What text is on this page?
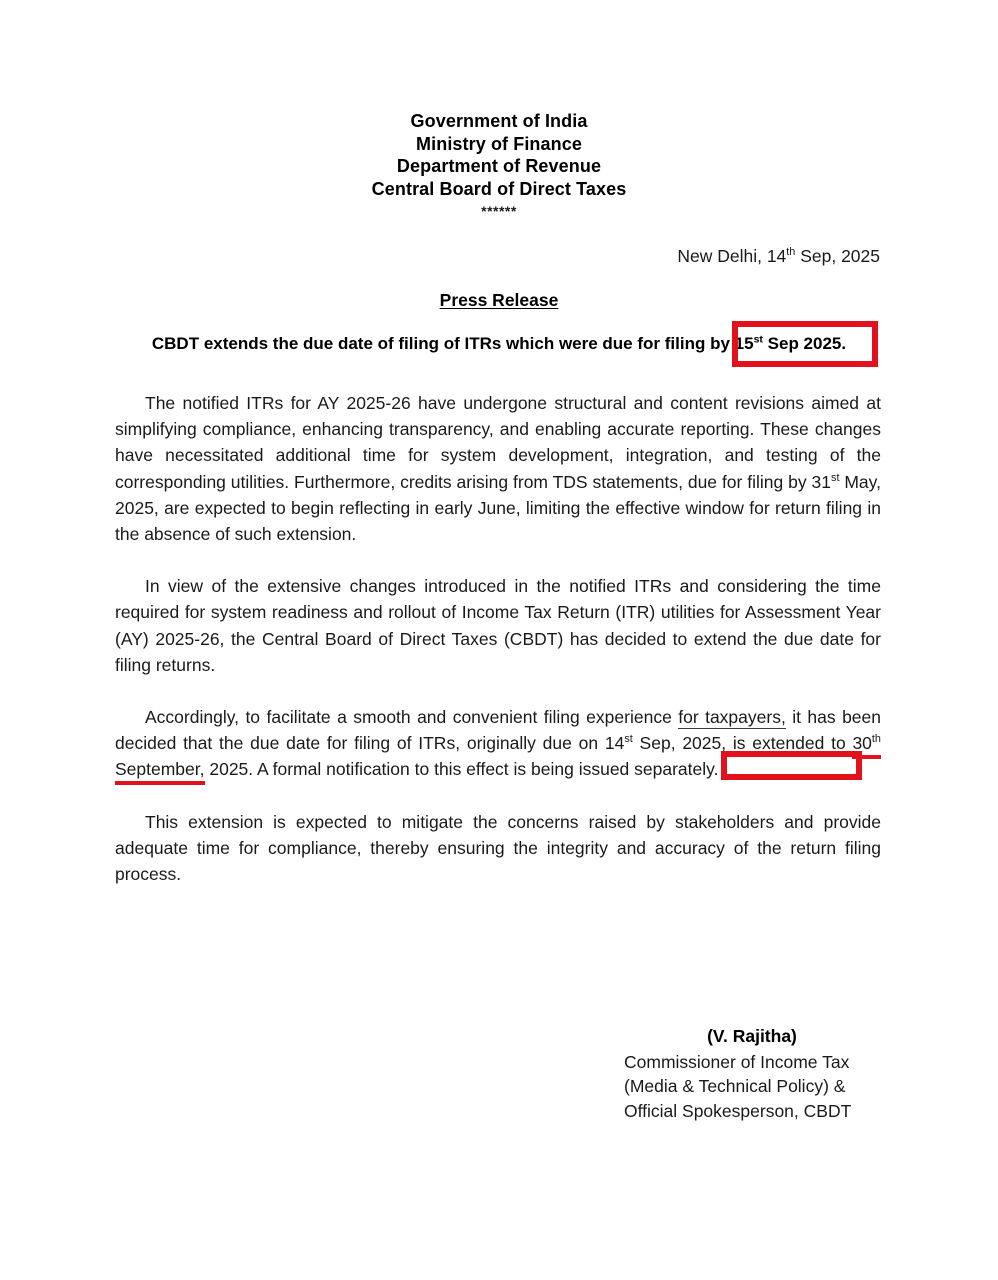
Government of India
Ministry of Finance
Department of Revenue
Central Board of Direct Taxes
******
New Delhi, 14th Sep, 2025
Press Release
CBDT extends the due date of filing of ITRs which were due for filing by 15st Sep 2025.

The notified ITRs for AY 2025-26 have undergone structural and content revisions aimed at simplifying compliance, enhancing transparency, and enabling accurate reporting. These changes have necessitated additional time for system development, integration, and testing of the corresponding utilities. Furthermore, credits arising from TDS statements, due for filing by 31st May, 2025, are expected to begin reflecting in early June, limiting the effective window for return filing in the absence of such extension.

In view of the extensive changes introduced in the notified ITRs and considering the time required for system readiness and rollout of Income Tax Return (ITR) utilities for Assessment Year (AY) 2025-26, the Central Board of Direct Taxes (CBDT) has decided to extend the due date for filing returns.

Accordingly, to facilitate a smooth and convenient filing experience for taxpayers, it has been decided that the due date for filing of ITRs, originally due on 14st Sep, 2025, is extended to 30th September, 2025. A formal notification to this effect is being issued separately.

This extension is expected to mitigate the concerns raised by stakeholders and provide adequate time for compliance, thereby ensuring the integrity and accuracy of the return filing process.

(V. Rajitha)
Commissioner of Income Tax
(Media & Technical Policy) &
Official Spokesperson, CBDT
